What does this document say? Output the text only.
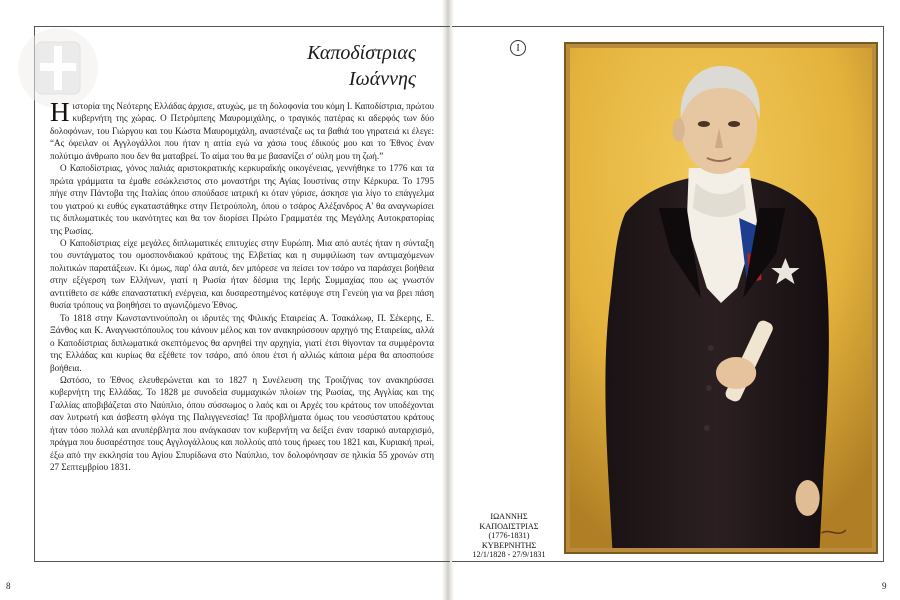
Καποδίστριας
Ιωάννης

Η ιστορία της Νεότερης Ελλάδας άρχισε, ατυχώς, με τη δολοφονία του κόμη Ι. Καποδίστρια, πρώτου κυβερνήτη της χώρας. Ο Πετρόμπεης Μαυρομιχάλης, ο τραγικός πατέρας κι αδερφός των δύο δολοφόνων, του Γιώργου και του Κώστα Μαυρομιχάλη, αναστέναζε ως τα βαθιά του γηρατειά κι έλεγε: “Ας όφειλαν οι Αγγλογάλλοι που ήταν η αιτία εγώ να χάσω τους έδικούς μου και το Έθνος έναν πολύτιμο άνθρωπο που δεν θα ματαβρεί. Το αίμα του θα με βασανίζει σ' ούλη μου τη ζωή.”

Ο Καποδίστριας, γόνος παλιάς αριστοκρατικής κερκυραϊκής οικογένειας, γεννήθηκε το 1776 και τα πρώτα γράμματα τα έμαθε εσώκλειστος στο μοναστήρι της Αγίας Ιουστίνας στην Κέρκυρα. Το 1795 πήγε στην Πάντοβα της Ιταλίας όπου σπούδασε ιατρική κι όταν γύρισε, άσκησε για λίγο το επάγγελμα του γιατρού κι ευθύς εγκαταστάθηκε στην Πετρούπολη, όπου ο τσάρος Αλέξανδρος Α' θα αναγνωρίσει τις διπλωματικές του ικανότητες και θα τον διορίσει Πρώτο Γραμματέα της Μεγάλης Αυτοκρατορίας της Ρωσίας.

Ο Καποδίστριας είχε μεγάλες διπλωματικές επιτυχίες στην Ευρώπη. Μια από αυτές ήταν η σύνταξη του συντάγματος του ομοσπονδιακού κράτους της Ελβετίας και η συμφιλίωση των αντιμαχόμενων πολιτικών παρατάξεων. Κι όμως, παρ' όλα αυτά, δεν μπόρεσε να πείσει τον τσάρο να παράσχει βοήθεια στην εξέγερση των Ελλήνων, γιατί η Ρωσία ήταν δέσμια της Ιερής Συμμαχίας που ως γνωστόν αντιτίθετο σε κάθε επαναστατική ενέργεια, και δυσαρεστημένος κατέφυγε στη Γενεύη για να βρει πάση θυσία τρόπους να βοηθήσει το αγωνιζόμενο Έθνος.

Το 1818 στην Κωνσταντινούπολη οι ιδρυτές της Φιλικής Εταιρείας Α. Τσακάλωφ, Π. Σέκερης, Ε. Ξάνθος και Κ. Αναγνωστόπουλος του κάνουν μέλος και τον ανακηρύσσουν αρχηγό της Εταιρείας, αλλά ο Καποδίστριας διπλωματικά σκεπτόμενος θα αρνηθεί την αρχηγία, γιατί έτσι θίγονταν τα συμφέροντα της Ελλάδας και κυρίως θα εξέθετε τον τσάρο, από όπου έτσι ή αλλιώς κάποια μέρα θα αποσπούσε βοήθεια.

Ωστόσο, το Έθνος ελευθερώνεται και το 1827 η Συνέλευση της Τροιζήνας τον ανακηρύσσει κυβερνήτη της Ελλάδας. Το 1828 με συνοδεία συμμαχικών πλοίων της Ρωσίας, της Αγγλίας και της Γαλλίας αποβιβάζεται στο Ναύπλιο, όπου σύσσωμος ο λαός και οι Αρχές του κράτους τον υποδέχονται σαν λυτρωτή και άσβεστη φλόγα της Παλιγγενεσίας! Τα προβλήματα όμως του νεοσύστατου κράτους ήταν τόσο πολλά και ανυπέρβλητα που ανάγκασαν τον κυβερνήτη να δείξει έναν τσαρικό αυταρχισμό, πράγμα που δυσαρέστησε τους Αγγλογάλλους και πολλούς από τους ήρωες του 1821 και, Κυριακή πρωί, έξω από την εκκλησία του Αγίου Σπυρίδωνα στο Ναύπλιο, τον δολοφόνησαν σε ηλικία 55 χρονών στη 27 Σεπτεμβρίου 1831.

8	9
I
ΙΩΑΝΝΗΣ
ΚΑΠΟΔΙΣΤΡΙΑΣ
(1776-1831)
ΚΥΒΕΡΝΗΤΗΣ
12/1/1828 - 27/9/1831
